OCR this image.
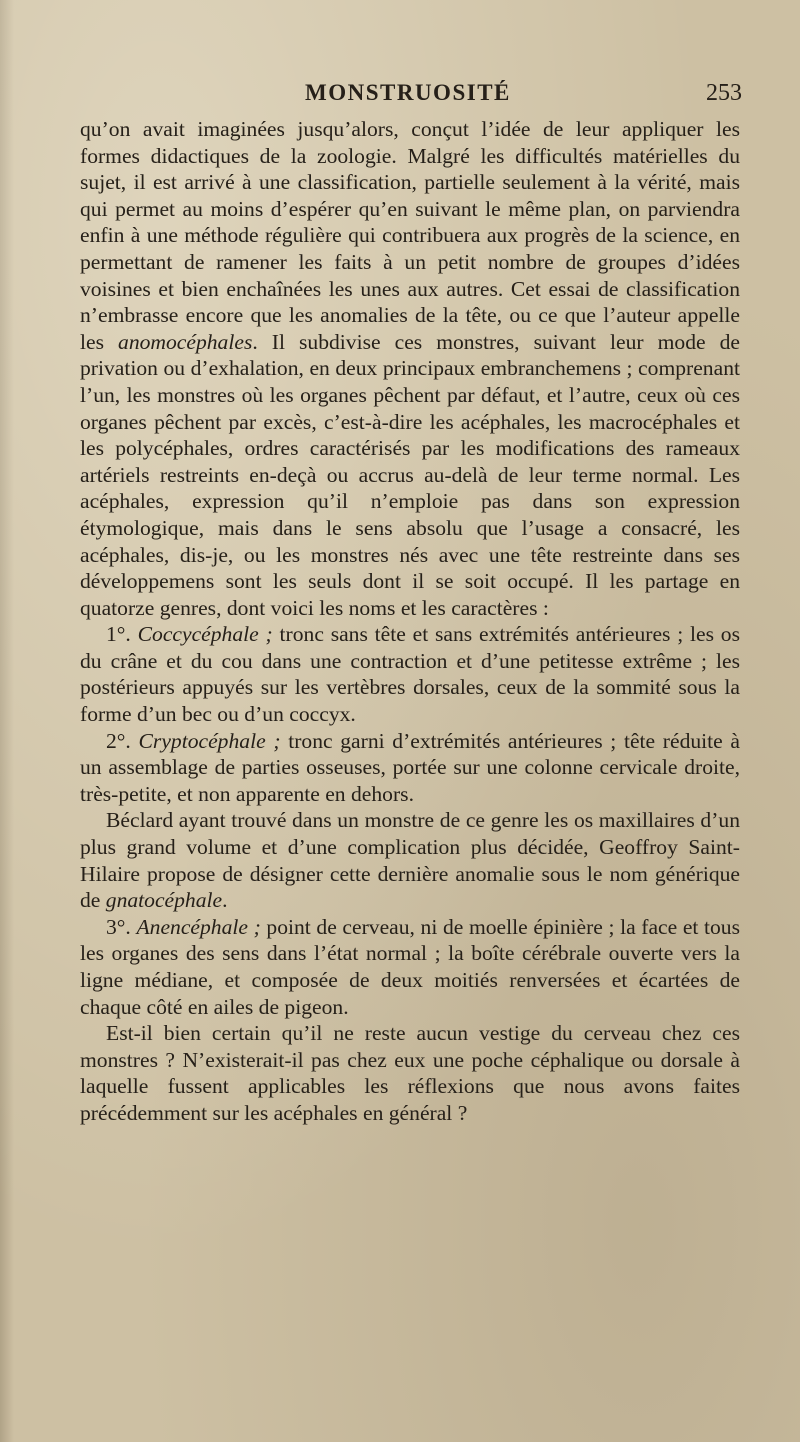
MONSTRUOSITÉ	253

qu’on avait imaginées jusqu’alors, conçut l’idée de leur appliquer les formes didactiques de la zoologie. Malgré les difficultés matérielles du sujet, il est arrivé à une classification, partielle seulement à la vérité, mais qui permet au moins d’espérer qu’en suivant le même plan, on parviendra enfin à une méthode régulière qui contribuera aux progrès de la science, en permettant de ramener les faits à un petit nombre de groupes d’idées voisines et bien enchaînées les unes aux autres. Cet essai de classification n’embrasse encore que les anomalies de la tête, ou ce que l’auteur appelle les anomocéphales. Il subdivise ces monstres, suivant leur mode de privation ou d’exhalation, en deux principaux embranchemens ; comprenant l’un, les monstres où les organes pêchent par défaut, et l’autre, ceux où ces organes pêchent par excès, c’est-à-dire les acéphales, les macrocéphales et les polycéphales, ordres caractérisés par les modifications des rameaux artériels restreints en-deçà ou accrus au-delà de leur terme normal. Les acéphales, expression qu’il n’emploie pas dans son expression étymologique, mais dans le sens absolu que l’usage a consacré, les acéphales, dis-je, ou les monstres nés avec une tête restreinte dans ses développemens sont les seuls dont il se soit occupé. Il les partage en quatorze genres, dont voici les noms et les caractères :

1°. Coccycéphale ; tronc sans tête et sans extrémités antérieures ; les os du crâne et du cou dans une contraction et d’une petitesse extrême ; les postérieurs appuyés sur les vertèbres dorsales, ceux de la sommité sous la forme d’un bec ou d’un coccyx.

2°. Cryptocéphale ; tronc garni d’extrémités antérieures ; tête réduite à un assemblage de parties osseuses, portée sur une colonne cervicale droite, très-petite, et non apparente en dehors.

Béclard ayant trouvé dans un monstre de ce genre les os maxillaires d’un plus grand volume et d’une complication plus décidée, Geoffroy Saint-Hilaire propose de désigner cette dernière anomalie sous le nom générique de gnatocéphale.

3°. Anencéphale ; point de cerveau, ni de moelle épinière ; la face et tous les organes des sens dans l’état normal ; la boîte cérébrale ouverte vers la ligne médiane, et composée de deux moitiés renversées et écartées de chaque côté en ailes de pigeon.

Est-il bien certain qu’il ne reste aucun vestige du cerveau chez ces monstres ? N’existerait-il pas chez eux une poche céphalique ou dorsale à laquelle fussent applicables les réflexions que nous avons faites précédemment sur les acéphales en général ?
